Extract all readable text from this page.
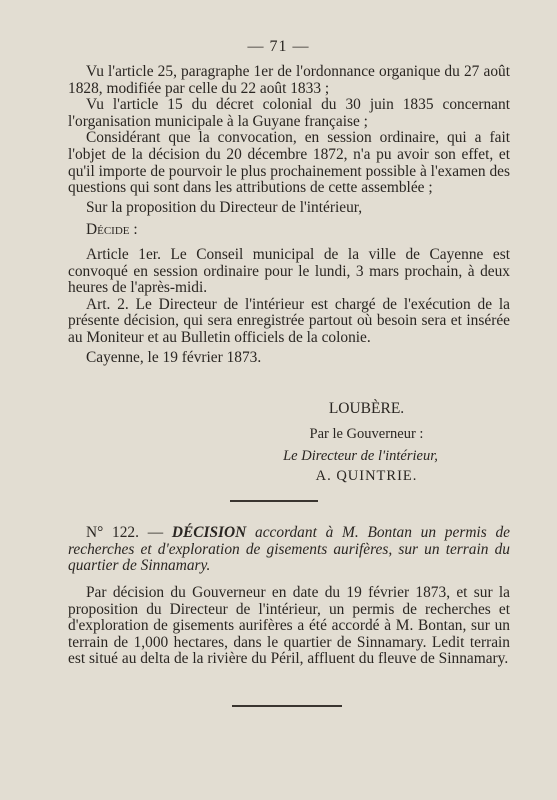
— 71 —

Vu l'article 25, paragraphe 1er de l'ordonnance organique du 27 août 1828, modifiée par celle du 22 août 1833 ;

Vu l'article 15 du décret colonial du 30 juin 1835 concernant l'organisation municipale à la Guyane française ;

Considérant que la convocation, en session ordinaire, qui a fait l'objet de la décision du 20 décembre 1872, n'a pu avoir son effet, et qu'il importe de pourvoir le plus prochainement possible à l'examen des questions qui sont dans les attributions de cette assemblée ;

Sur la proposition du Directeur de l'intérieur,

Décide :

Article 1er. Le Conseil municipal de la ville de Cayenne est convoqué en session ordinaire pour le lundi, 3 mars prochain, à deux heures de l'après-midi.

Art. 2. Le Directeur de l'intérieur est chargé de l'exécution de la présente décision, qui sera enregistrée partout où besoin sera et insérée au Moniteur et au Bulletin officiels de la colonie.

Cayenne, le 19 février 1873.

LOUBÈRE.
Par le Gouverneur :
Le Directeur de l'intérieur,
A. QUINTRIE.

N° 122. — DÉCISION accordant à M. Bontan un permis de recherches et d'exploration de gisements aurifères, sur un terrain du quartier de Sinnamary.

Par décision du Gouverneur en date du 19 février 1873, et sur la proposition du Directeur de l'intérieur, un permis de recherches et d'exploration de gisements aurifères a été accordé à M. Bontan, sur un terrain de 1,000 hectares, dans le quartier de Sinnamary. Ledit terrain est situé au delta de la rivière du Péril, affluent du fleuve de Sinnamary.
